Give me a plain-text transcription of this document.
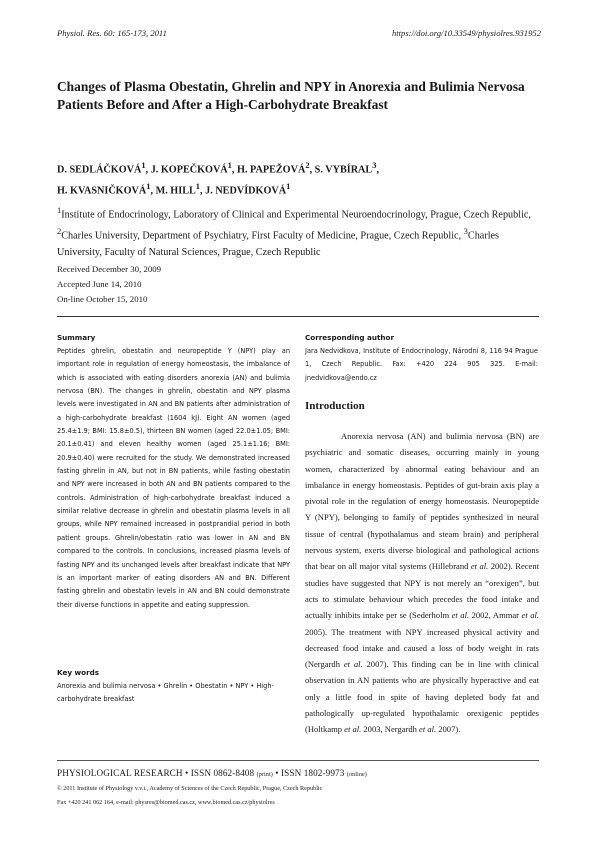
Physiol. Res. 60: 165-173, 2011	https://doi.org/10.33549/physiolres.931952
Changes of Plasma Obestatin, Ghrelin and NPY in Anorexia and Bulimia Nervosa Patients Before and After a High-Carbohydrate Breakfast
D. SEDLÁČKOVÁ$^1$, J. KOPEČKOVÁ$^1$, H. PAPEŽOVÁ$^2$, S. VYBÍRAL$^3$,
H. KVASNIČKOVÁ$^1$, M. HILL$^1$, J. NEDVÍDKOVÁ$^1$
$^1$Institute of Endocrinology, Laboratory of Clinical and Experimental Neuroendocrinology, Prague, Czech Republic, $^2$Charles University, Department of Psychiatry, First Faculty of Medicine, Prague, Czech Republic, $^3$Charles University, Faculty of Natural Sciences, Prague, Czech Republic
Received December 30, 2009
Accepted June 14, 2010
On-line October 15, 2010
Summary
Peptides ghrelin, obestatin and neuropeptide Y (NPY) play an important role in regulation of energy homeostasis, the imbalance of which is associated with eating disorders anorexia (AN) and bulimia nervosa (BN). The changes in ghrelin, obestatin and NPY plasma levels were investigated in AN and BN patients after administration of a high-carbohydrate breakfast (1604 kJ). Eight AN women (aged 25.4±1.9; BMI: 15.8±0.5), thirteen BN women (aged 22.0±1.05; BMI: 20.1±0.41) and eleven healthy women (aged 25.1±1.16; BMI: 20.9±0.40) were recruited for the study. We demonstrated increased fasting ghrelin in AN, but not in BN patients, while fasting obestatin and NPY were increased in both AN and BN patients compared to the controls. Administration of high-carbohydrate breakfast induced a similar relative decrease in ghrelin and obestatin plasma levels in all groups, while NPY remained increased in postprandial period in both patient groups. Ghrelin/obestatin ratio was lower in AN and BN compared to the controls. In conclusions, increased plasma levels of fasting NPY and its unchanged levels after breakfast indicate that NPY is an important marker of eating disorders AN and BN. Different fasting ghrelin and obestatin levels in AN and BN could demonstrate their diverse functions in appetite and eating suppression.
Key words
Anorexia and bulimia nervosa • Ghrelin • Obestatin • NPY • High-carbohydrate breakfast
Corresponding author
Jara Nedvidkova, Institute of Endocrinology, Národní 8, 116 94 Prague 1, Czech Republic. Fax: +420 224 905 325. E-mail: jnedvidkova@endo.cz
Introduction

Anorexia nervosa (AN) and bulimia nervosa (BN) are psychiatric and somatic diseases, occurring mainly in young women, characterized by abnormal eating behaviour and an imbalance in energy homeostasis. Peptides of gut-brain axis play a pivotal role in the regulation of energy homeostasis. Neuropeptide Y (NPY), belonging to family of peptides synthesized in neural tissue of central (hypothalamus and steam brain) and peripheral nervous system, exerts diverse biological and pathological actions that bear on all major vital systems (Hillebrand et al. 2002). Recent studies have suggested that NPY is not merely an “orexigen”, but acts to stimulate behaviour which precedes the food intake and actually inhibits intake per se (Sederholm et al. 2002, Ammar et al. 2005). The treatment with NPY increased physical activity and decreased food intake and caused a loss of body weight in rats (Nergardh et al. 2007). This finding can be in line with clinical observation in AN patients who are physically hyperactive and eat only a little food in spite of having depleted body fat and pathologically up-regulated hypothalamic orexigenic peptides (Holtkamp et al. 2003, Nergardh et al. 2007).

PHYSIOLOGICAL RESEARCH • ISSN 0862-8408 (print) • ISSN 1802-9973 (online)
© 2011 Institute of Physiology v.v.i., Academy of Sciences of the Czech Republic, Prague, Czech Republic
Fax +420 241 062 164, e-mail: physres@biomed.cas.cz, www.biomed.cas.cz/physiolres
